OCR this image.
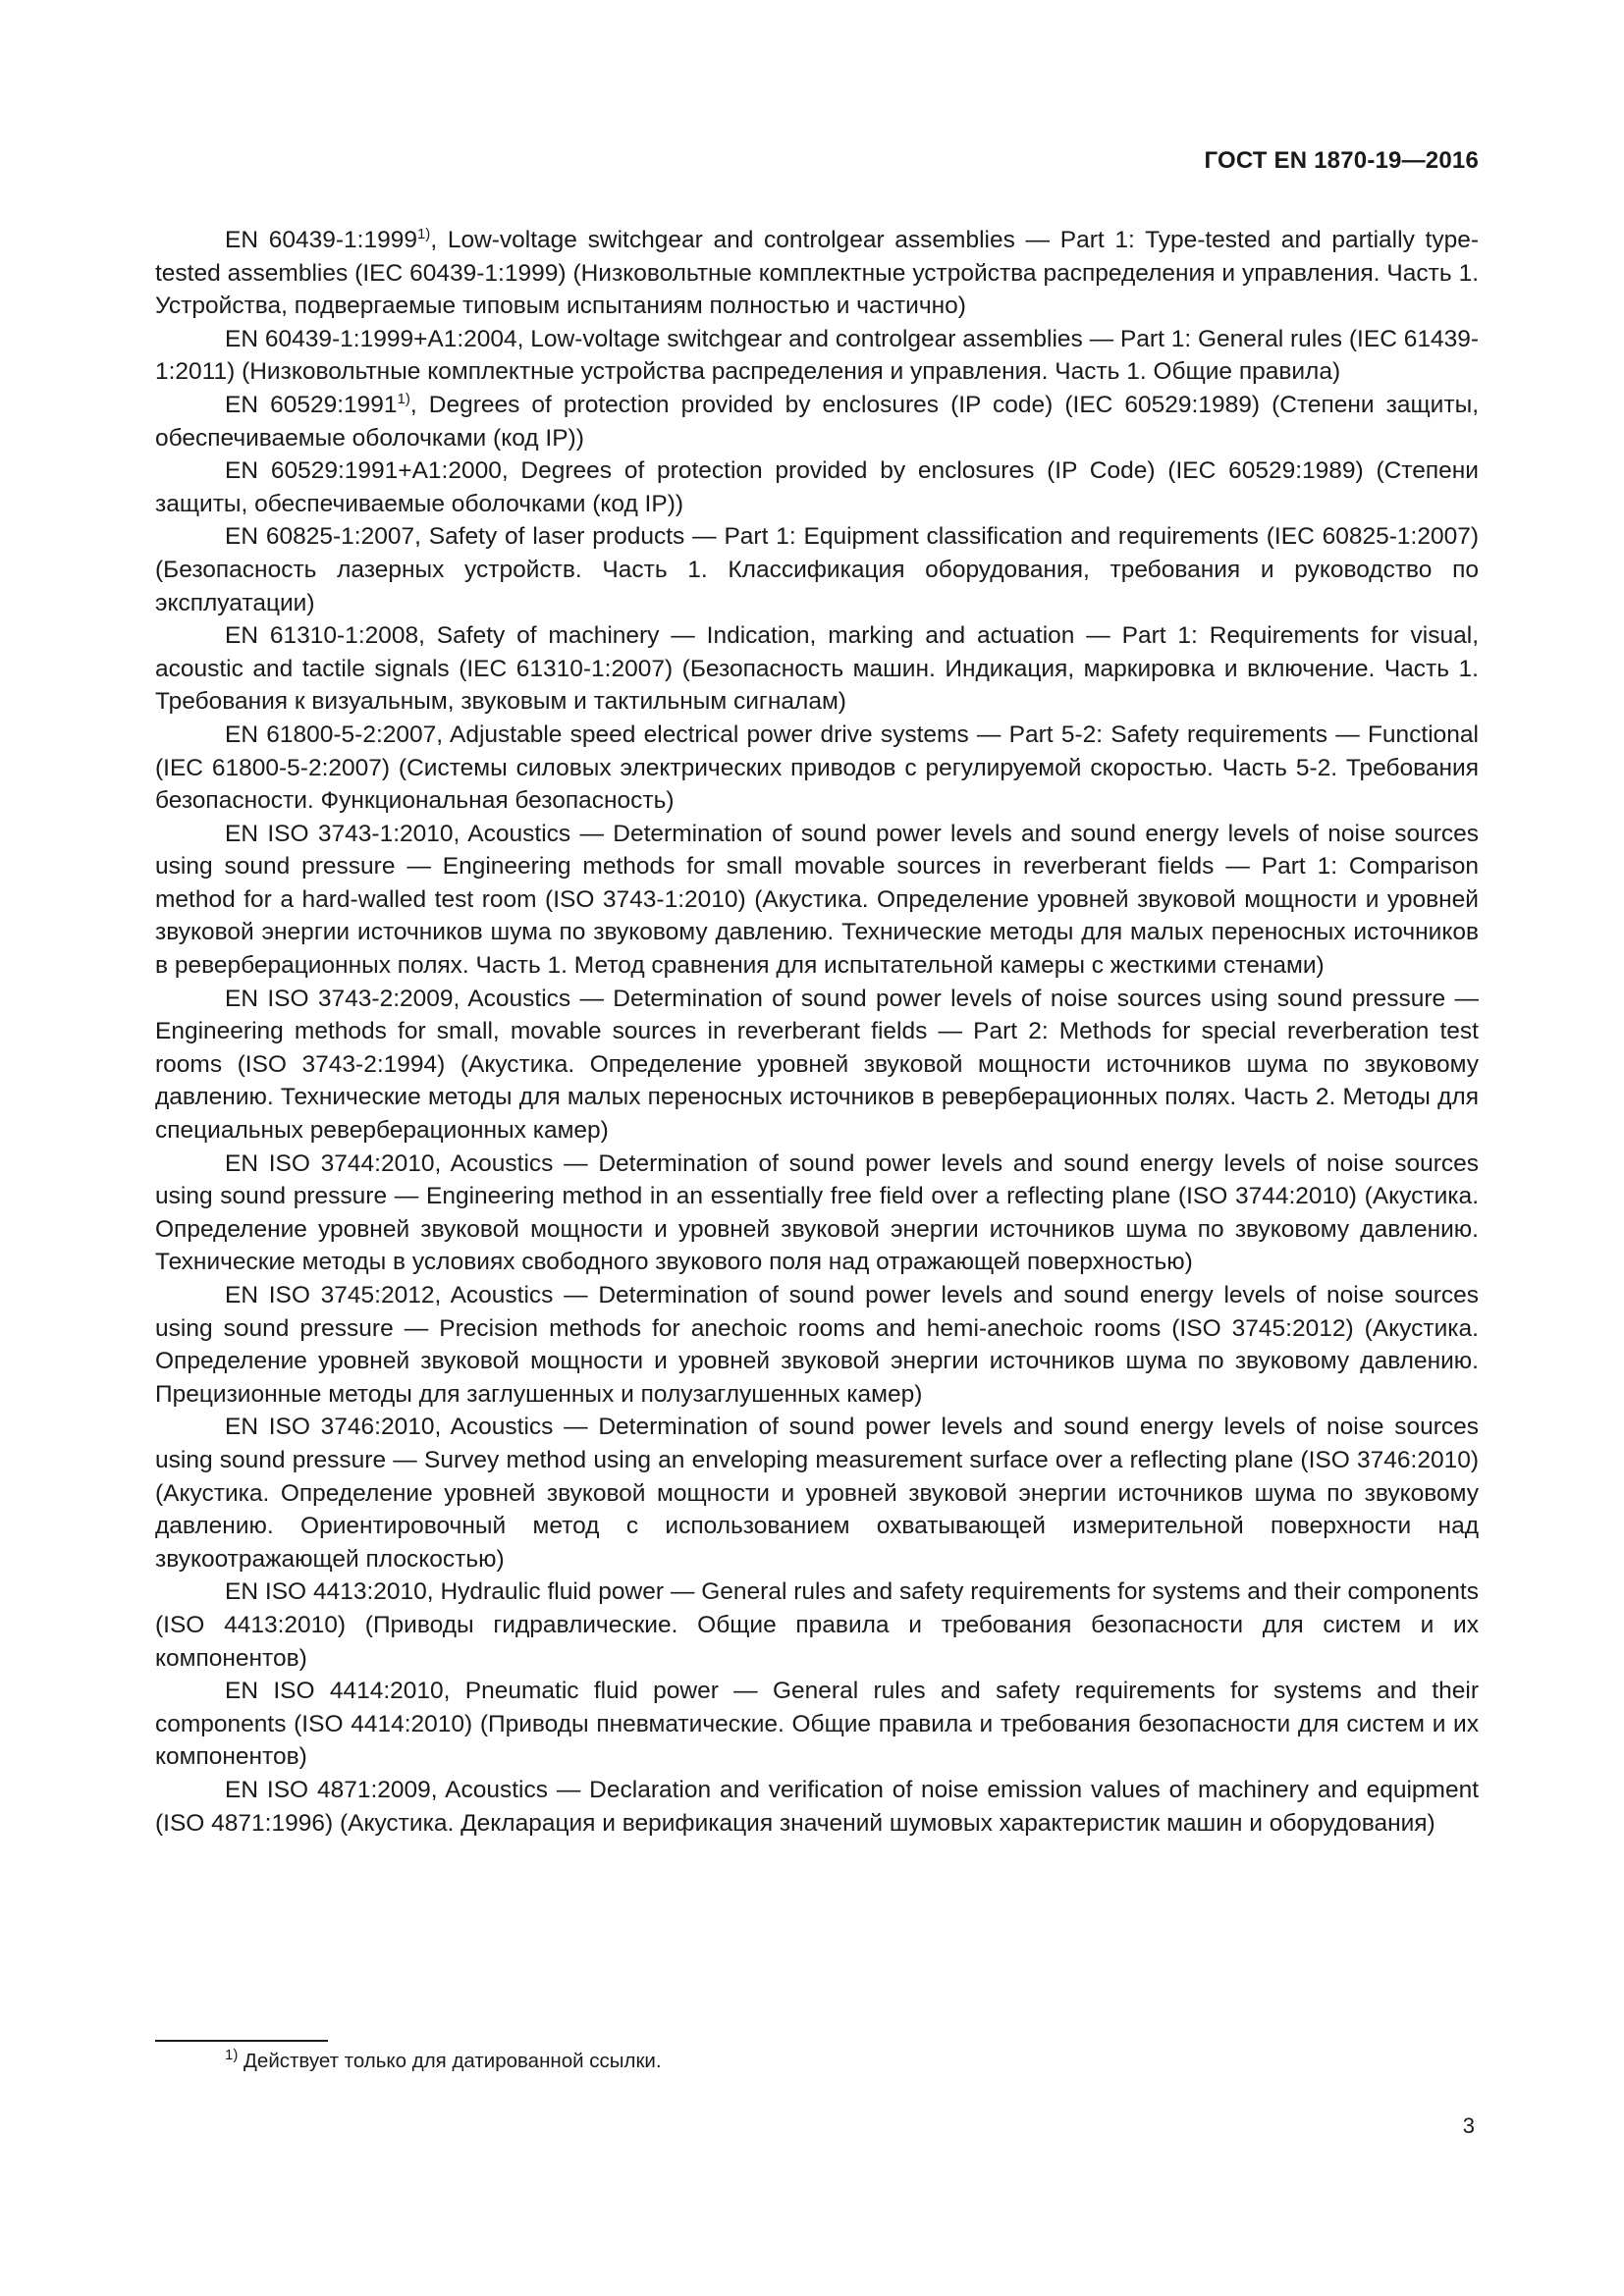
ГОСТ EN 1870-19—2016

EN 60439-1:1999$^{1)}$, Low-voltage switchgear and controlgear assemblies — Part 1: Type-tested and partially type-tested assemblies (IEC 60439-1:1999) (Низковольтные комплектные устройства распределения и управления. Часть 1. Устройства, подвергаемые типовым испытаниям полностью и частично)

EN 60439-1:1999+A1:2004, Low-voltage switchgear and controlgear assemblies — Part 1: General rules (IEC 61439-1:2011) (Низковольтные комплектные устройства распределения и управления. Часть 1. Общие правила)

EN 60529:1991$^{1)}$, Degrees of protection provided by enclosures (IP code) (IEC 60529:1989) (Степени защиты, обеспечиваемые оболочками (код IP))

EN 60529:1991+A1:2000, Degrees of protection provided by enclosures (IP Code) (IEC 60529:1989) (Степени защиты, обеспечиваемые оболочками (код IP))

EN 60825-1:2007, Safety of laser products — Part 1: Equipment classification and requirements (IEC 60825-1:2007) (Безопасность лазерных устройств. Часть 1. Классификация оборудования, требования и руководство по эксплуатации)

EN 61310-1:2008, Safety of machinery — Indication, marking and actuation — Part 1: Requirements for visual, acoustic and tactile signals (IEC 61310-1:2007) (Безопасность машин. Индикация, маркировка и включение. Часть 1. Требования к визуальным, звуковым и тактильным сигналам)

EN 61800-5-2:2007, Adjustable speed electrical power drive systems — Part 5-2: Safety requirements — Functional (IEC 61800-5-2:2007) (Системы силовых электрических приводов с регулируемой скоростью. Часть 5-2. Требования безопасности. Функциональная безопасность)

EN ISO 3743-1:2010, Acoustics — Determination of sound power levels and sound energy levels of noise sources using sound pressure — Engineering methods for small movable sources in reverberant fields — Part 1: Comparison method for a hard-walled test room (ISO 3743-1:2010) (Акустика. Определение уровней звуковой мощности и уровней звуковой энергии источников шума по звуковому давлению. Технические методы для малых переносных источников в реверберационных полях. Часть 1. Метод сравнения для испытательной камеры с жесткими стенами)

EN ISO 3743-2:2009, Acoustics — Determination of sound power levels of noise sources using sound pressure — Engineering methods for small, movable sources in reverberant fields — Part 2: Methods for special reverberation test rooms (ISO 3743-2:1994) (Акустика. Определение уровней звуковой мощности источников шума по звуковому давлению. Технические методы для малых переносных источников в реверберационных полях. Часть 2. Методы для специальных реверберационных камер)

EN ISO 3744:2010, Acoustics — Determination of sound power levels and sound energy levels of noise sources using sound pressure — Engineering method in an essentially free field over a reflecting plane (ISO 3744:2010) (Акустика. Определение уровней звуковой мощности и уровней звуковой энергии источников шума по звуковому давлению. Технические методы в условиях свободного звукового поля над отражающей поверхностью)

EN ISO 3745:2012, Acoustics — Determination of sound power levels and sound energy levels of noise sources using sound pressure — Precision methods for anechoic rooms and hemi-anechoic rooms (ISO 3745:2012) (Акустика. Определение уровней звуковой мощности и уровней звуковой энергии источников шума по звуковому давлению. Прецизионные методы для заглушенных и полузаглушенных камер)

EN ISO 3746:2010, Acoustics — Determination of sound power levels and sound energy levels of noise sources using sound pressure — Survey method using an enveloping measurement surface over a reflecting plane (ISO 3746:2010) (Акустика. Определение уровней звуковой мощности и уровней звуковой энергии источников шума по звуковому давлению. Ориентировочный метод с использованием охватывающей измерительной поверхности над звукоотражающей плоскостью)

EN ISO 4413:2010, Hydraulic fluid power — General rules and safety requirements for systems and their components (ISO 4413:2010) (Приводы гидравлические. Общие правила и требования безопасности для систем и их компонентов)

EN ISO 4414:2010, Pneumatic fluid power — General rules and safety requirements for systems and their components (ISO 4414:2010) (Приводы пневматические. Общие правила и требования безопасности для систем и их компонентов)

EN ISO 4871:2009, Acoustics — Declaration and verification of noise emission values of machinery and equipment (ISO 4871:1996) (Акустика. Декларация и верификация значений шумовых характеристик машин и оборудования)

$^{1)}$ Действует только для датированной ссылки.
3
